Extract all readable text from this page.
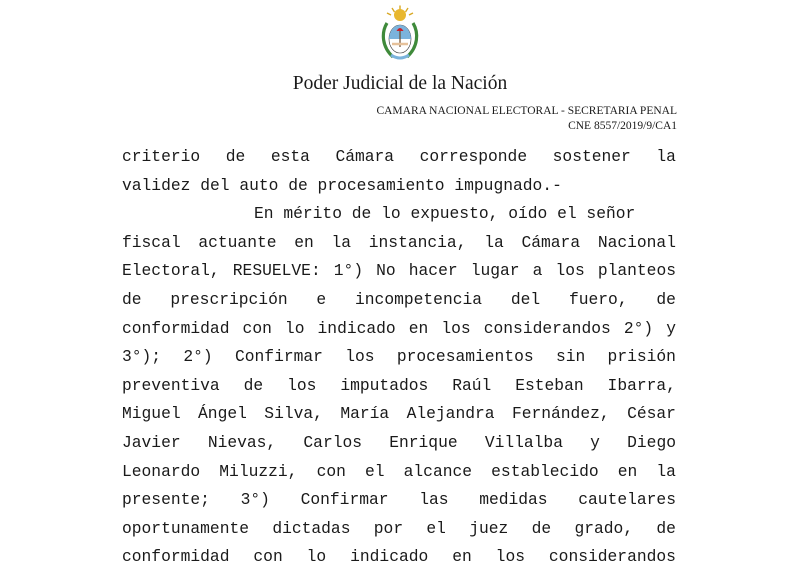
Poder Judicial de la Nación
CAMARA NACIONAL ELECTORAL - SECRETARIA PENAL
CNE 8557/2019/9/CA1
criterio de esta Cámara corresponde sostener la
validez del auto de procesamiento impugnado.-
En mérito de lo expuesto, oído el señor
fiscal actuante en la instancia, la Cámara Nacional
Electoral, RESUELVE: 1°) No hacer lugar a los planteos
de prescripción e incompetencia del fuero, de
conformidad con lo indicado en los considerandos 2°) y
3°); 2°) Confirmar los procesamientos sin prisión
preventiva de los imputados Raúl Esteban Ibarra,
Miguel Ángel Silva, María Alejandra Fernández, César
Javier Nievas, Carlos Enrique Villalba y Diego
Leonardo Miluzzi, con el alcance establecido en la
presente; 3°) Confirmar las medidas cautelares
oportunamente dictadas por el juez de grado, de
conformidad con lo indicado en los considerandos
